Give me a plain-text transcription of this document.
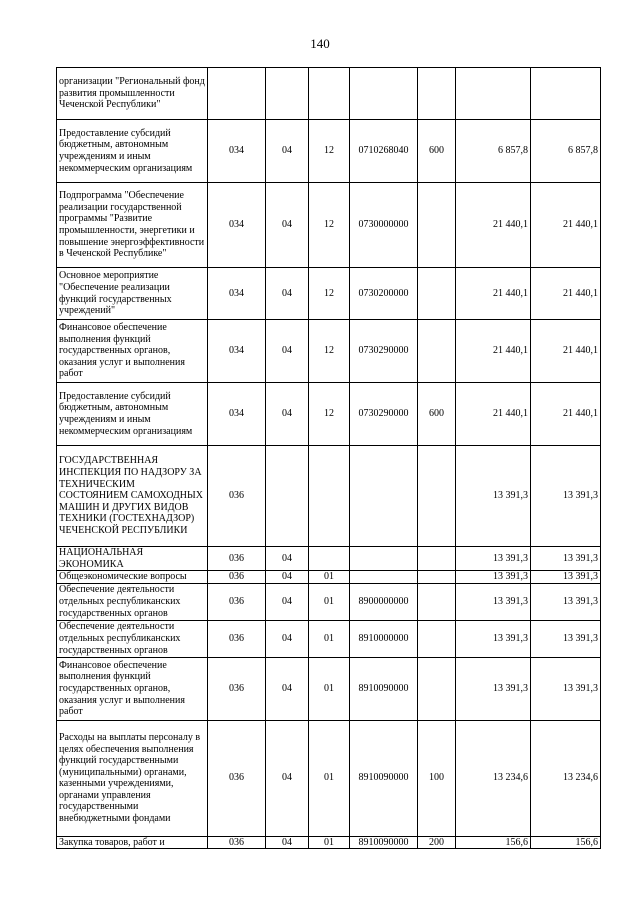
140
организации "Региональный фонд развития промышленности Чеченской Республики"							
Предоставление субсидий бюджетным, автономным учреждениям и иным некоммерческим организациям	034	04	12	0710268040	600	6 857,8	6 857,8
Подпрограмма "Обеспечение реализации государственной программы "Развитие промышленности, энергетики и повышение энергоэффективности в Чеченской Республике"	034	04	12	0730000000		21 440,1	21 440,1
Основное мероприятие "Обеспечение реализации функций государственных учреждений"	034	04	12	0730200000		21 440,1	21 440,1
Финансовое обеспечение выполнения функций государственных органов, оказания услуг и выполнения работ	034	04	12	0730290000		21 440,1	21 440,1
Предоставление субсидий бюджетным, автономным учреждениям и иным некоммерческим организациям	034	04	12	0730290000	600	21 440,1	21 440,1
ГОСУДАРСТВЕННАЯ ИНСПЕКЦИЯ ПО НАДЗОРУ ЗА ТЕХНИЧЕСКИМ СОСТОЯНИЕМ САМОХОДНЫХ МАШИН И ДРУГИХ ВИДОВ ТЕХНИКИ (ГОСТЕХНАДЗОР) ЧЕЧЕНСКОЙ РЕСПУБЛИКИ	036					13 391,3	13 391,3
НАЦИОНАЛЬНАЯ ЭКОНОМИКА	036	04				13 391,3	13 391,3
Общеэкономические вопросы	036	04	01			13 391,3	13 391,3
Обеспечение деятельности отдельных республиканских государственных органов	036	04	01	8900000000		13 391,3	13 391,3
Обеспечение деятельности отдельных республиканских государственных органов	036	04	01	8910000000		13 391,3	13 391,3
Финансовое обеспечение выполнения функций государственных органов, оказания услуг и выполнения работ	036	04	01	8910090000		13 391,3	13 391,3
Расходы на выплаты персоналу в целях обеспечения выполнения функций государственными (муниципальными) органами, казенными учреждениями, органами управления государственными внебюджетными фондами	036	04	01	8910090000	100	13 234,6	13 234,6
Закупка товаров, работ и	036	04	01	8910090000	200	156,6	156,6
